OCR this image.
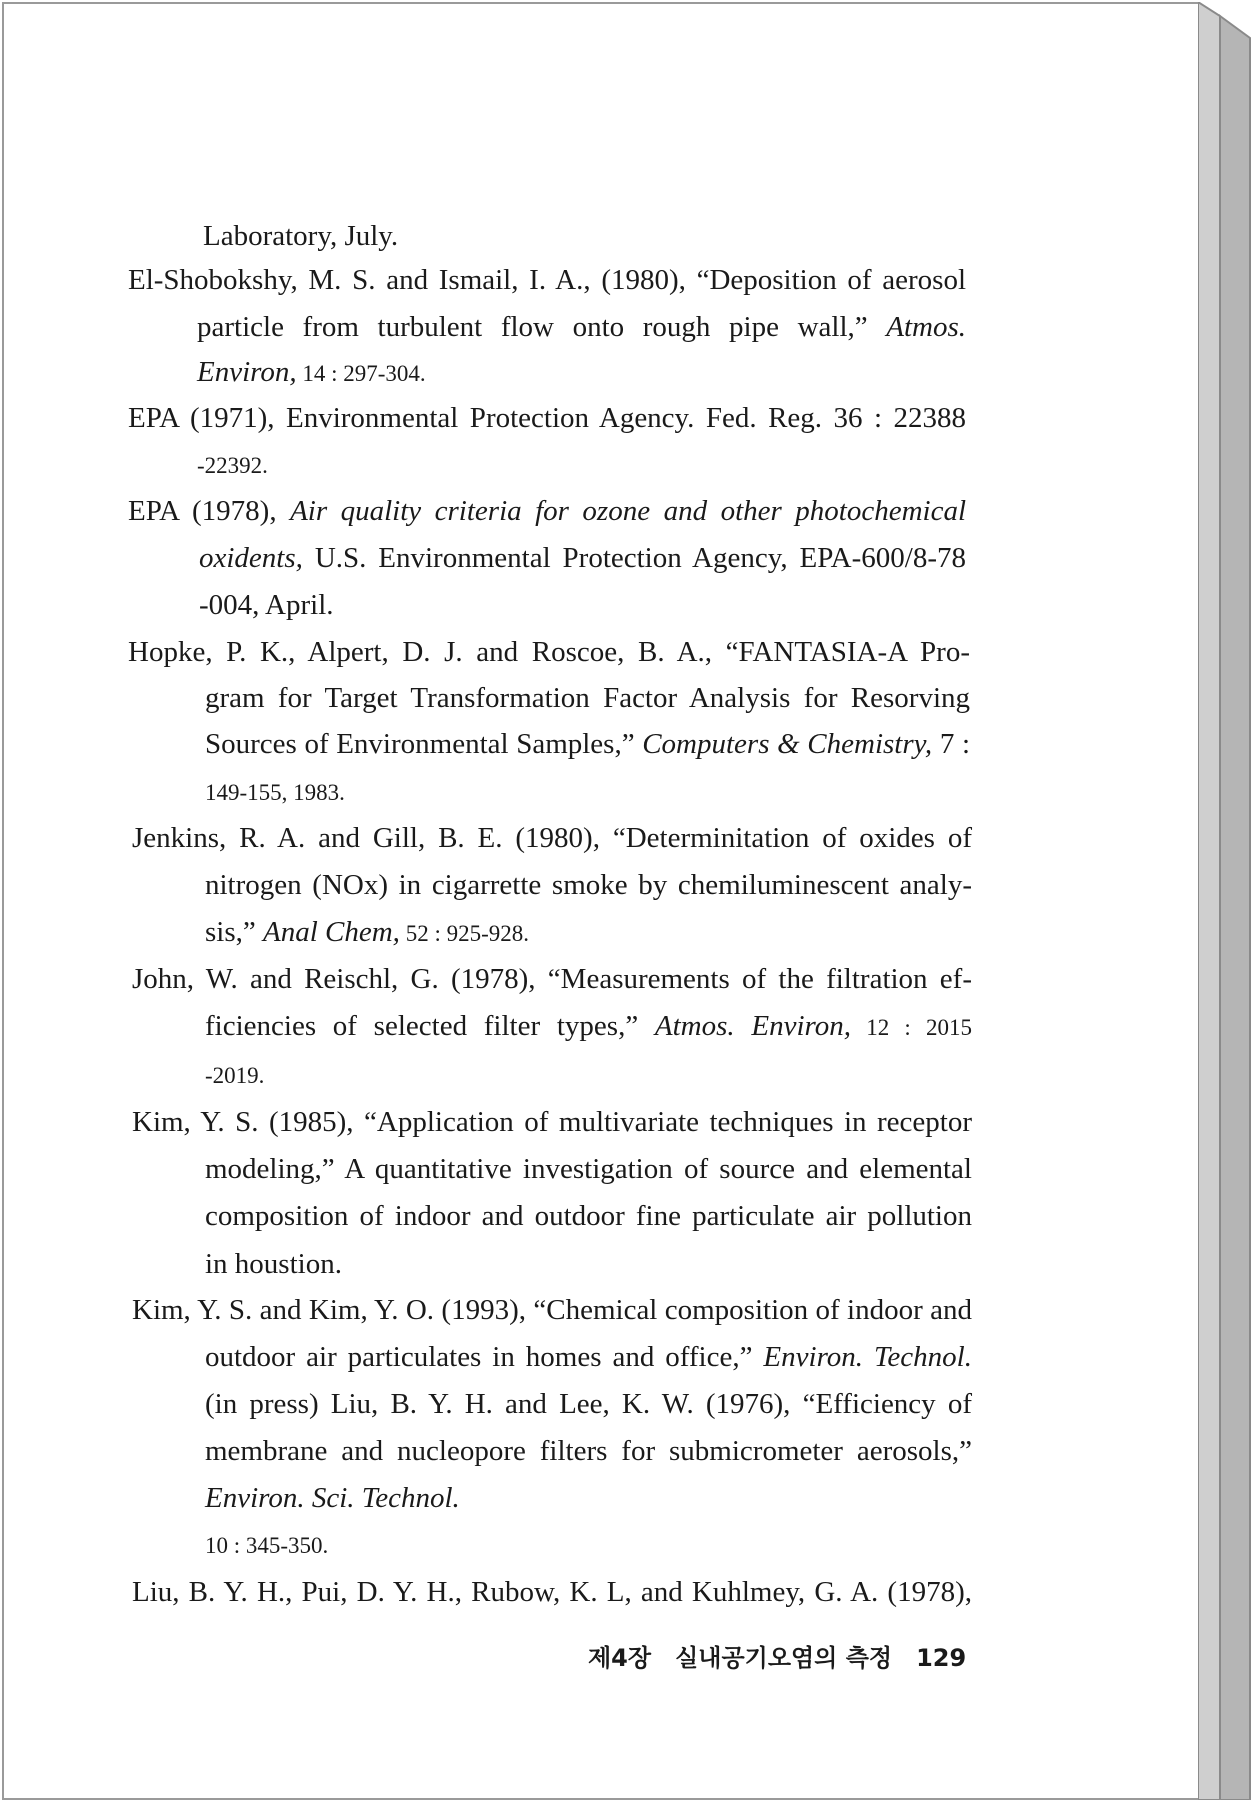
Laboratory, July.

El-Shobokshy, M. S. and Ismail, I. A., (1980), “Deposition of aerosol

particle from turbulent flow onto rough pipe wall,” Atmos.

Environ, 14 : 297-304.

EPA (1971), Environmental Protection Agency. Fed. Reg. 36 : 22388

-22392.

EPA (1978), Air quality criteria for ozone and other photochemical

oxidents, U.S. Environmental Protection Agency, EPA-600/8-78

-004, April.

Hopke, P. K., Alpert, D. J. and Roscoe, B. A., “FANTASIA-A Pro-

gram for Target Transformation Factor Analysis for Resorving

Sources of Environmental Samples,” Computers & Chemistry, 7 :

149-155, 1983.

Jenkins, R. A. and Gill, B. E. (1980), “Determinitation of oxides of

nitrogen (NOx) in cigarrette smoke by chemiluminescent analy-

sis,” Anal Chem, 52 : 925-928.

John, W. and Reischl, G. (1978), “Measurements of the filtration ef-

ficiencies of selected filter types,” Atmos. Environ, 12 : 2015

-2019.

Kim, Y. S. (1985), “Application of multivariate techniques in receptor

modeling,” A quantitative investigation of source and elemental

composition of indoor and outdoor fine particulate air pollution

in houstion.

Kim, Y. S. and Kim, Y. O. (1993), “Chemical composition of indoor and

outdoor air particulates in homes and office,” Environ. Technol.

(in press) Liu, B. Y. H. and Lee, K. W. (1976), “Efficiency of

membrane and nucleopore filters for submicrometer aerosols,”

Environ. Sci. Technol.

10 : 345-350.

Liu, B. Y. H., Pui, D. Y. H., Rubow, K. L, and Kuhlmey, G. A. (1978),

제4장 실내공기오염의 측정 129
